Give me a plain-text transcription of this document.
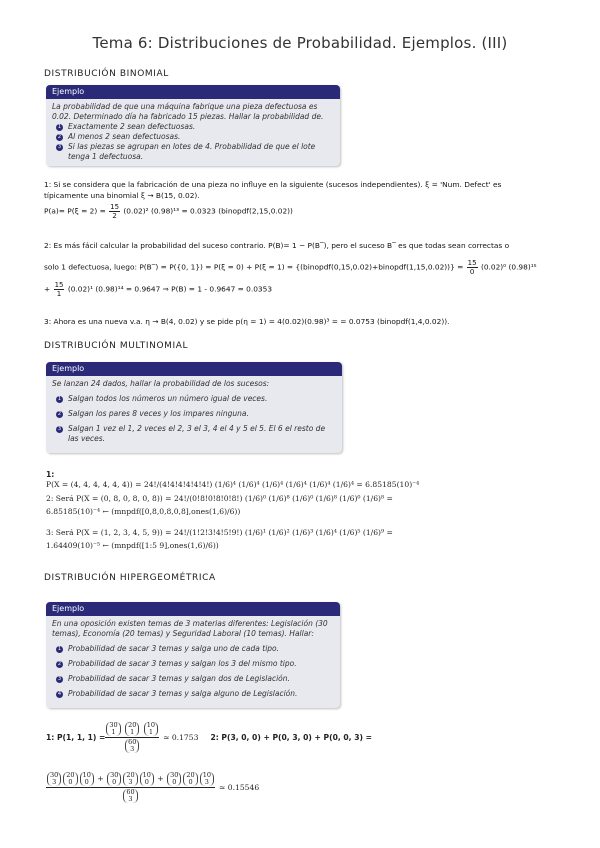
Tema 6: Distribuciones de Probabilidad. Ejemplos. (III)
DISTRIBUCIÓN BINOMIAL
Ejemplo

La probabilidad de que una máquina fabrique una pieza defectuosa es 0.02. Determinado día ha fabricado 15 piezas. Hallar la probabilidad de.

1 Exactamente 2 sean defectuosas.
2 Al menos 2 sean defectuosas.
3 Si las piezas se agrupan en lotes de 4. Probabilidad de que el lote tenga 1 defectuosa.
1: Si se considera que la fabricación de una pieza no influye en la siguiente (sucesos independientes). ξ = 'Num. Defect' es
típicamente una binomial ξ → B(15, 0.02).
$P(a)= P(\xi = 2) = \frac{15}{2} (0.02)^2$ (0.98)¹³ = 0.0323 (binopdf(2,15,0.02))
2: Es más fácil calcular la probabilidad del suceso contrario. P(B)= 1 − P(B‾), pero el suceso B‾ es que todas sean correctas o
solo 1 defectuosa, luego: P(B‾) = P({0, 1}) = P(ξ = 0) + P(ξ = 1) = {(binopdf(0,15,0.02)+binopdf(1,15,0.02))} = $\frac{15}{0} (0.02)^0$ (0.98)¹⁵
+ $\frac{15}{1} (0.02)^1$ (0.98)¹⁴ = 0.9647 ⇒ P(B) = 1 - 0.9647 = 0.0353
3: Ahora es una nueva v.a. η → B(4, 0.02) y se pide p(η = 1) = 4(0.02)(0.98)³ = = 0.0753 (binopdf(1,4,0.02)).
DISTRIBUCIÓN MULTINOMIAL
Ejemplo

Se lanzan 24 dados, hallar la probabilidad de los sucesos:

1 Salgan todos los números un número igual de veces.
2 Salgan los pares 8 veces y los impares ninguna.
3 Salgan 1 vez el 1, 2 veces el 2, 3 el 3, 4 el 4 y 5 el 5. El 6 el resto de las veces.
1:
P(X = (4, 4, 4, 4, 4, 4)) = 24!/(4!4!4!4!4!4!) (1/6)⁴ (1/6)⁴ (1/6)⁴ (1/6)⁴ (1/6)⁴ (1/6)⁴ = 6.85185(10)⁻⁴
2: Será P(X = (0, 8, 0, 8, 0, 8)) = 24!/(0!8!0!8!0!8!) (1/6)⁰ (1/6)⁸ (1/6)⁰ (1/6)⁸ (1/6)⁰ (1/6)⁸ =
6.85185(10)⁻⁴ ← (mnpdf([0,8,0,8,0,8],ones(1,6)/6))
3: Será P(X = (1, 2, 3, 4, 5, 9)) = 24!/(1!2!3!4!5!9!) (1/6)¹ (1/6)² (1/6)³ (1/6)⁴ (1/6)⁵ (1/6)⁹ =
1.64409(10)⁻⁵ ← (mnpdf([1:5 9],ones(1,6)/6))
DISTRIBUCIÓN HIPERGEOMÉTRICA
Ejemplo

En una oposición existen temas de 3 materias diferentes: Legislación (30 temas), Economía (20 temas) y Seguridad Laboral (10 temas). Hallar:

1 Probabilidad de sacar 3 temas y salga uno de cada tipo.
2 Probabilidad de sacar 3 temas y salgan los 3 del mismo tipo.
3 Probabilidad de sacar 3 temas y salgan dos de Legislación.
4 Probabilidad de sacar 3 temas y salga alguno de Legislación.
1: P(1, 1, 1) = 30
1

20
1

10
1
60
3 ≃ 0.1753 2: P(3, 0, 0) + P(0, 3, 0) + P(0, 0, 3) =
30
3
20
0
10
0 + 30
0
20
3
10
0 + 30
0
20
0
10
3
60
3 ≃ 0.15546
